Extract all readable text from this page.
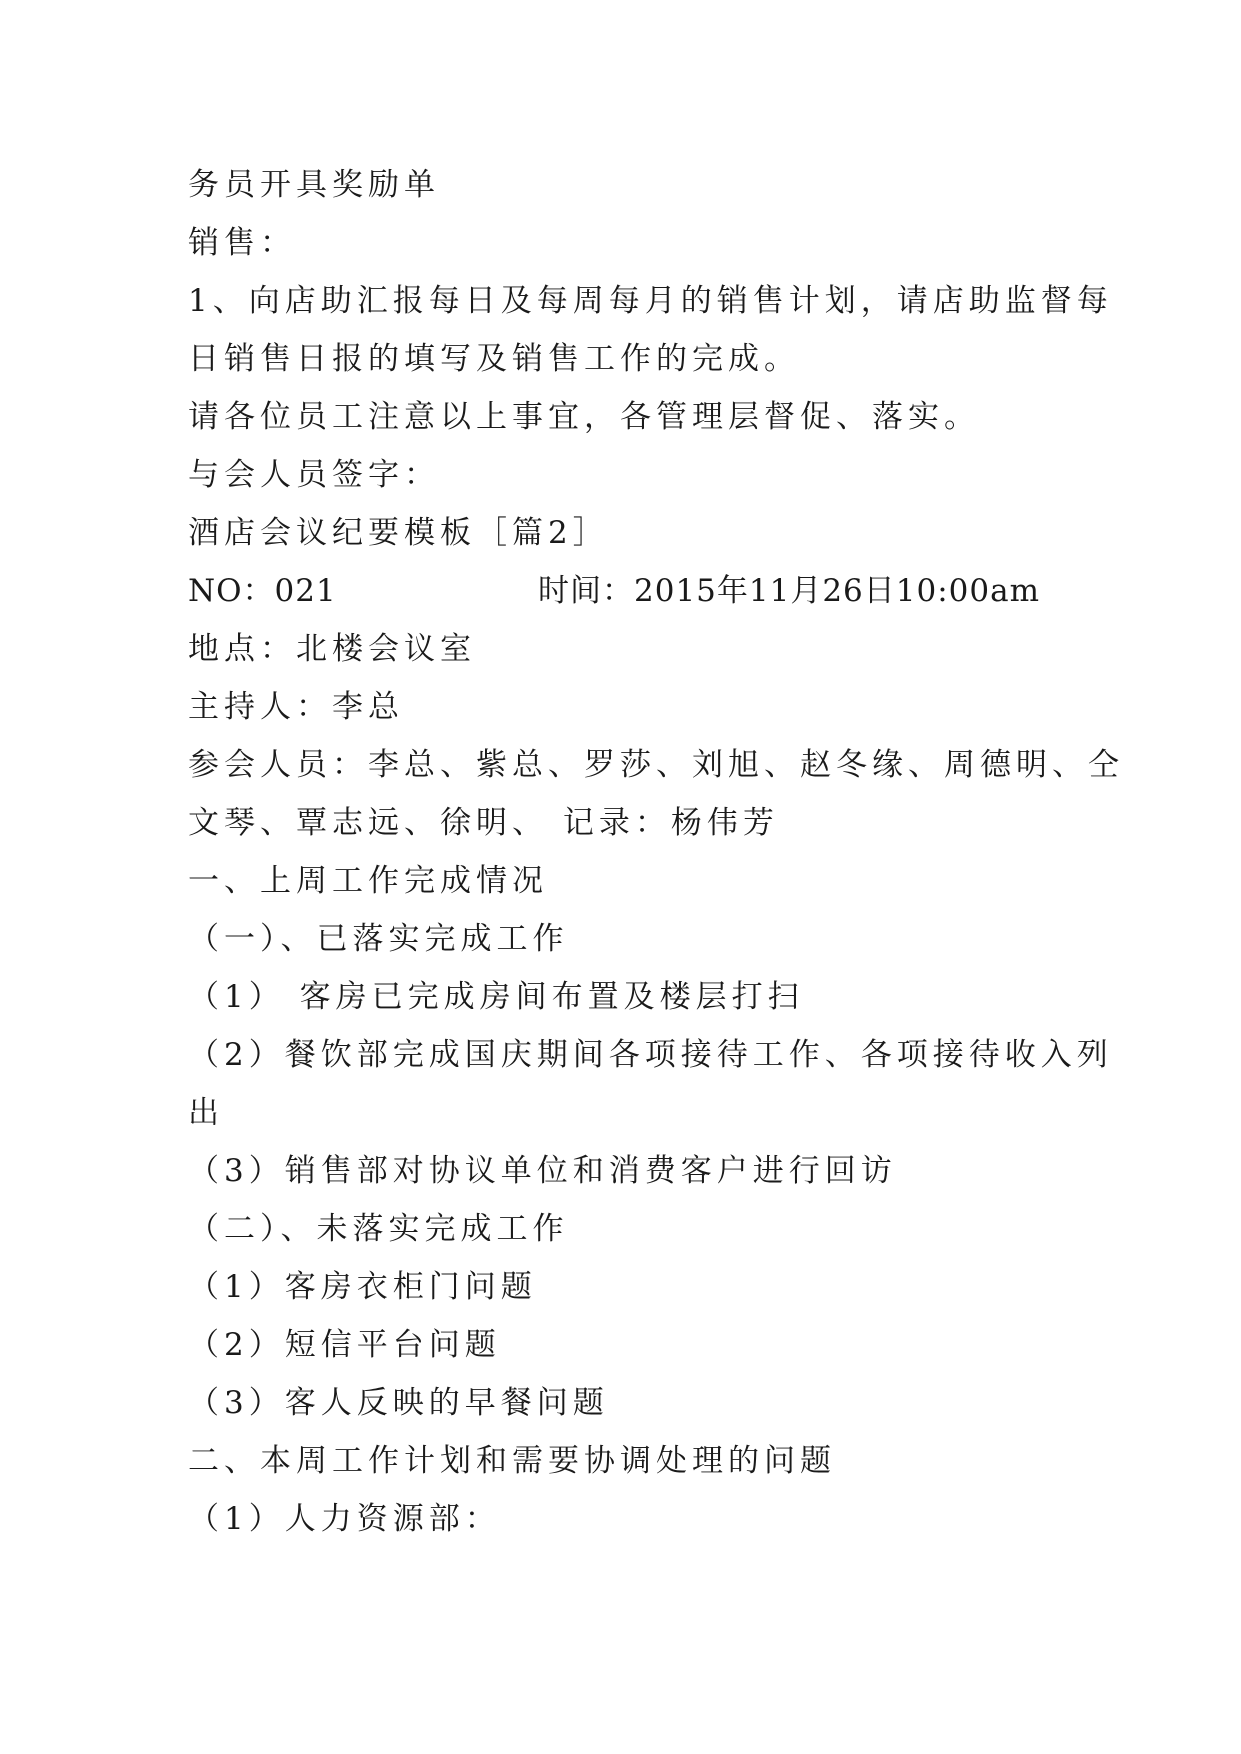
务员开具奖励单
销售：
1、向店助汇报每日及每周每月的销售计划，请店助监督每
日销售日报的填写及销售工作的完成。
请各位员工注意以上事宜，各管理层督促、落实。
与会人员签字：
酒店会议纪要模板［篇2］
NO：021	时间：2015年11月26日10:00am
地点：北楼会议室
主持人：李总
参会人员：李总、紫总、罗莎、刘旭、赵冬缘、周德明、仝
文琴、覃志远、徐明、 记录：杨伟芳
一、上周工作完成情况
（一）、已落实完成工作
（1） 客房已完成房间布置及楼层打扫
（2）餐饮部完成国庆期间各项接待工作、各项接待收入列
出
（3）销售部对协议单位和消费客户进行回访
（二）、未落实完成工作
（1）客房衣柜门问题
（2）短信平台问题
（3）客人反映的早餐问题
二、本周工作计划和需要协调处理的问题
（1）人力资源部：
